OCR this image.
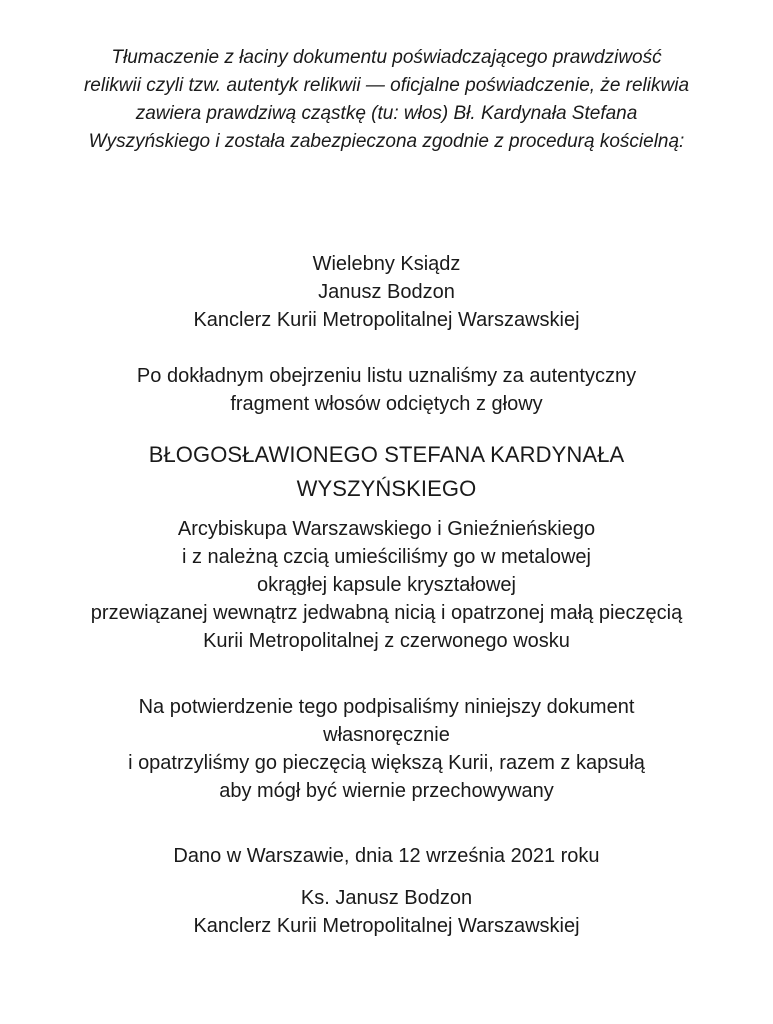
Tłumaczenie z łaciny dokumentu poświadczającego prawdziwość
relikwii czyli tzw. autentyk relikwii — oficjalne poświadczenie, że relikwia
zawiera prawdziwą cząstkę (tu: włos) Bł. Kardynała Stefana
Wyszyńskiego i została zabezpieczona zgodnie z procedurą kościelną:
Wielebny Ksiądz
Janusz Bodzon
Kanclerz Kurii Metropolitalnej Warszawskiej
Po dokładnym obejrzeniu listu uznaliśmy za autentyczny
fragment włosów odciętych z głowy
BŁOGOSŁAWIONEGO STEFANA KARDYNAŁA
WYSZYŃSKIEGO
Arcybiskupa Warszawskiego i Gnieźnieńskiego
i z należną czcią umieściliśmy go w metalowej
okrągłej kapsule kryształowej
przewiązanej wewnątrz jedwabną nicią i opatrzonej małą pieczęcią
Kurii Metropolitalnej z czerwonego wosku
Na potwierdzenie tego podpisaliśmy niniejszy dokument
własnoręcznie
i opatrzyliśmy go pieczęcią większą Kurii, razem z kapsułą
aby mógł być wiernie przechowywany
Dano w Warszawie, dnia 12 września 2021 roku
Ks. Janusz Bodzon
Kanclerz Kurii Metropolitalnej Warszawskiej
